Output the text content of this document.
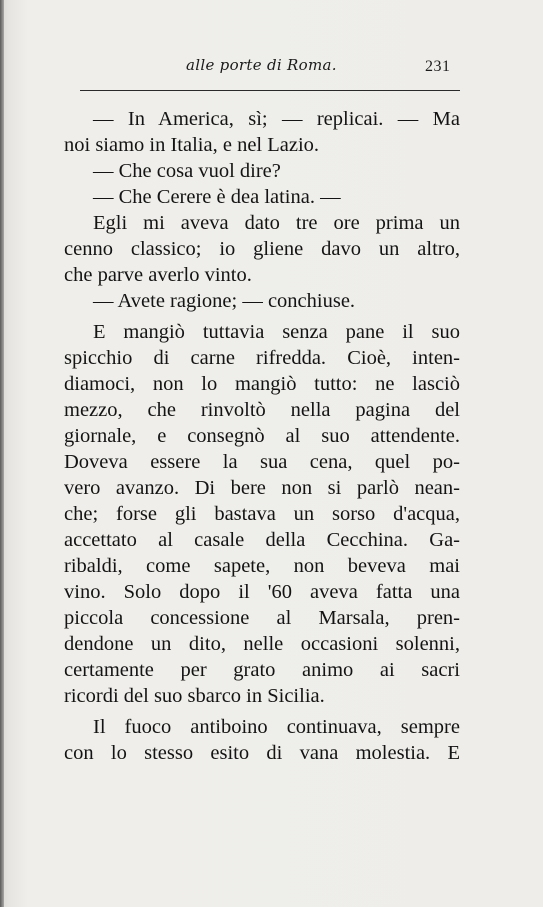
alle porte di Roma.	231
— In America, sì; — replicai. — Ma
noi siamo in Italia, e nel Lazio.
— Che cosa vuol dire?
— Che Cerere è dea latina. —
Egli mi aveva dato tre ore prima un
cenno classico; io gliene davo un altro,
che parve averlo vinto.
— Avete ragione; — conchiuse.
E mangiò tuttavia senza pane il suo
spicchio di carne rifredda. Cioè, inten-
diamoci, non lo mangiò tutto: ne lasciò
mezzo, che rinvoltò nella pagina del
giornale, e consegnò al suo attendente.
Doveva essere la sua cena, quel po-
vero avanzo. Di bere non si parlò nean-
che; forse gli bastava un sorso d'acqua,
accettato al casale della Cecchina. Ga-
ribaldi, come sapete, non beveva mai
vino. Solo dopo il '60 aveva fatta una
piccola concessione al Marsala, pren-
dendone un dito, nelle occasioni solenni,
certamente per grato animo ai sacri
ricordi del suo sbarco in Sicilia.
Il fuoco antiboino continuava, sempre
con lo stesso esito di vana molestia. E
